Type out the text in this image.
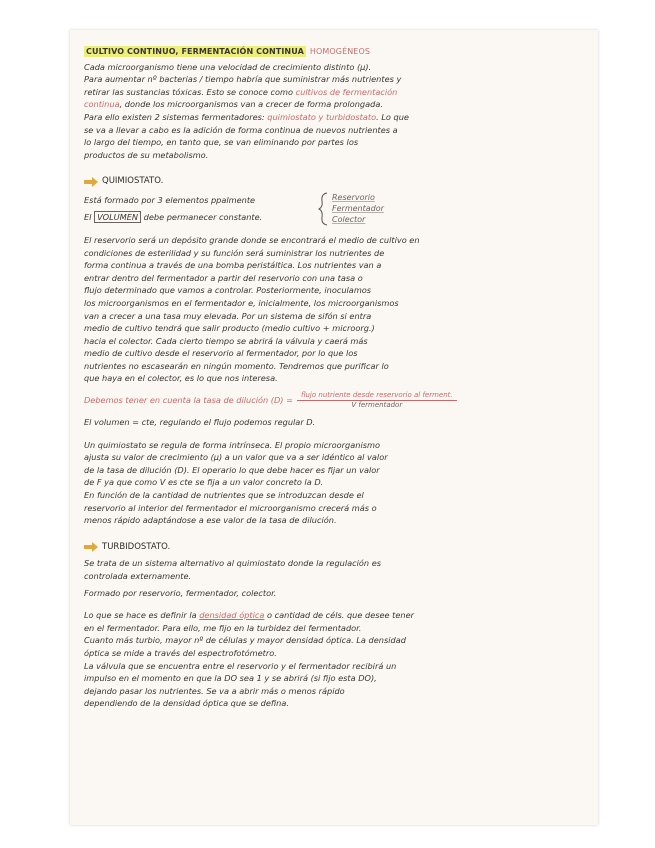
CULTIVO CONTINUO, FERMENTACIÓN CONTINUA HOMOGÉNEOS

Cada microorganismo tiene una velocidad de crecimiento distinto (μ).

Para aumentar nº bacterias / tiempo habría que suministrar más nutrientes y

retirar las sustancias tóxicas. Esto se conoce como cultivos de fermentación

continua, donde los microorganismos van a crecer de forma prolongada.

Para ello existen 2 sistemas fermentadores: quimiostato y turbidostato. Lo que

se va a llevar a cabo es la adición de forma continua de nuevos nutrientes a

lo largo del tiempo, en tanto que, se van eliminando por partes los

productos de su metabolismo.

QUIMIOSTATO.

Está formado por 3 elementos ppalmente

El VOLUMEN debe permanecer constante.

Reservorio
Fermentador
Colector

El reservorio será un depósito grande donde se encontrará el medio de cultivo en

condiciones de esterilidad y su función será suministrar los nutrientes de

forma continua a través de una bomba peristáltica. Los nutrientes van a

entrar dentro del fermentador a partir del reservorio con una tasa o

flujo determinado que vamos a controlar. Posteriormente, inoculamos

los microorganismos en el fermentador e, inicialmente, los microorganismos

van a crecer a una tasa muy elevada. Por un sistema de sifón si entra

medio de cultivo tendrá que salir producto (medio cultivo + microorg.)

hacia el colector. Cada cierto tiempo se abrirá la válvula y caerá más

medio de cultivo desde el reservorio al fermentador, por lo que los

nutrientes no escasearán en ningún momento. Tendremos que purificar lo

que haya en el colector, es lo que nos interesa.

Debemos tener en cuenta la tasa de dilución $(D) = \frac{\text{flujo nutriente desde reservorio al ferment.}}{\text{V fermentador}}$

El volumen = cte, regulando el flujo podemos regular D.

Un quimiostato se regula de forma intrínseca. El propio microorganismo

ajusta su valor de crecimiento (μ) a un valor que va a ser idéntico al valor

de la tasa de dilución (D). El operario lo que debe hacer es fijar un valor

de F ya que como V es cte se fija a un valor concreto la D.

En función de la cantidad de nutrientes que se introduzcan desde el

reservorio al interior del fermentador el microorganismo crecerá más o

menos rápido adaptándose a ese valor de la tasa de dilución.

TURBIDOSTATO.

Se trata de un sistema alternativo al quimiostato donde la regulación es

controlada externamente.

Formado por reservorio, fermentador, colector.

Lo que se hace es definir la densidad óptica o cantidad de céls. que desee tener

en el fermentador. Para ello, me fijo en la turbidez del fermentador.

Cuanto más turbio, mayor nº de células y mayor densidad óptica. La densidad

óptica se mide a través del espectrofotómetro.

La válvula que se encuentra entre el reservorio y el fermentador recibirá un

impulso en el momento en que la DO sea 1 y se abrirá (si fijo esta DO),

dejando pasar los nutrientes. Se va a abrir más o menos rápido

dependiendo de la densidad óptica que se defina.
